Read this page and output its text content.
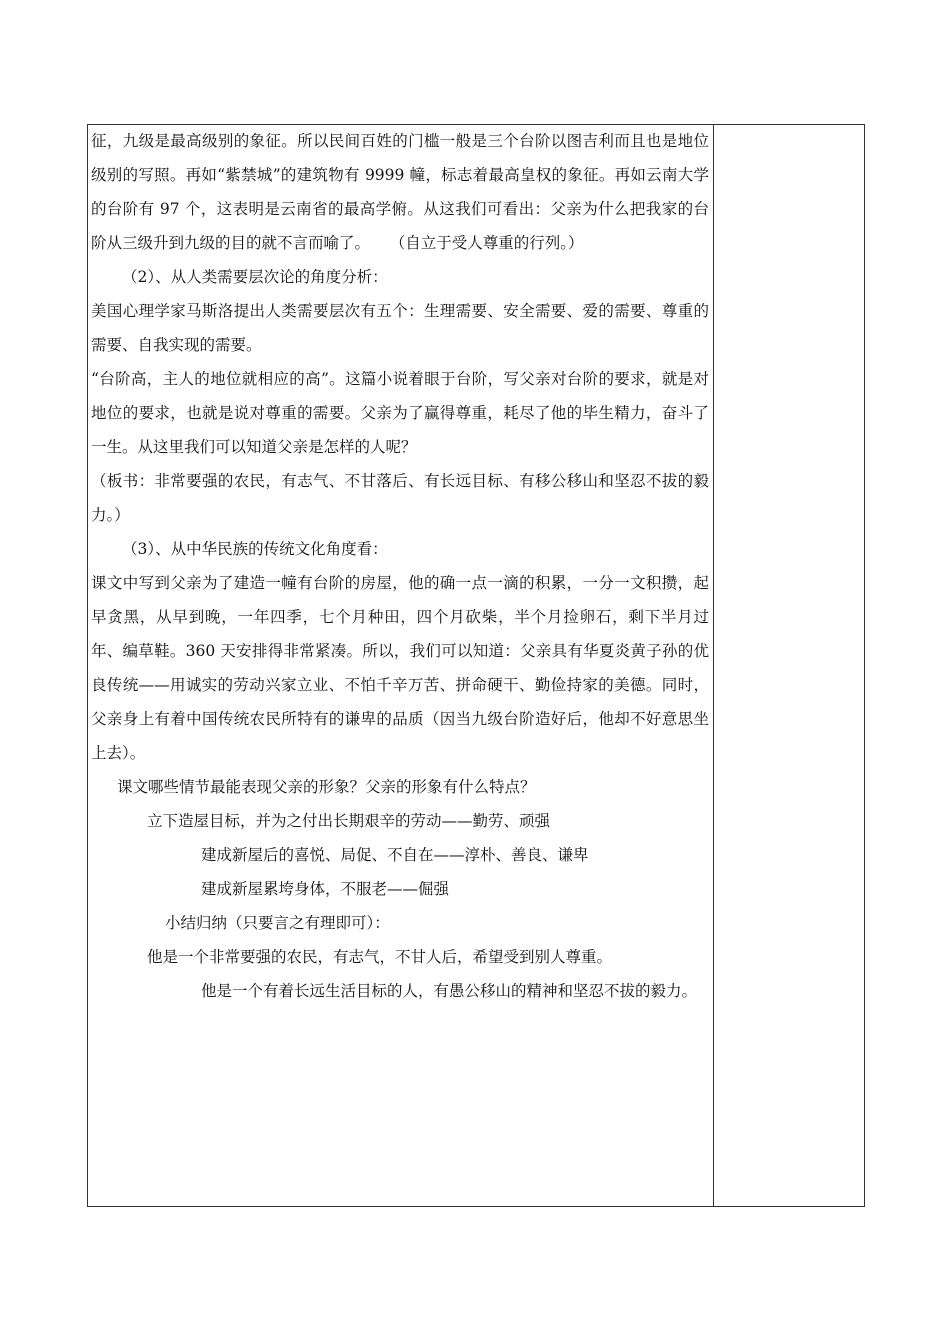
征，九级是最高级别的象征。所以民间百姓的门槛一般是三个台阶以图吉利而且也是地位级别的写照。再如“紫禁城”的建筑物有 9999 幢，标志着最高皇权的象征。再如云南大学的台阶有 97 个，这表明是云南省的最高学俯。从这我们可看出：父亲为什么把我家的台阶从三级升到九级的目的就不言而喻了。    （自立于受人尊重的行列。）

（2）、从人类需要层次论的角度分析：

美国心理学家马斯洛提出人类需要层次有五个：生理需要、安全需要、爱的需要、尊重的需要、自我实现的需要。

“台阶高，主人的地位就相应的高”。这篇小说着眼于台阶，写父亲对台阶的要求，就是对地位的要求，也就是说对尊重的需要。父亲为了赢得尊重，耗尽了他的毕生精力，奋斗了一生。从这里我们可以知道父亲是怎样的人呢？

（板书：非常要强的农民，有志气、不甘落后、有长远目标、有移公移山和坚忍不拔的毅力。）

（3）、从中华民族的传统文化角度看：

课文中写到父亲为了建造一幢有台阶的房屋，他的确一点一滴的积累，一分一文积攒，起早贪黑，从早到晚，一年四季，七个月种田，四个月砍柴，半个月捡卵石，剩下半月过年、编草鞋。360 天安排得非常紧凑。所以，我们可以知道：父亲具有华夏炎黄子孙的优良传统——用诚实的劳动兴家立业、不怕千辛万苦、拼命硬干、勤俭持家的美德。同时，父亲身上有着中国传统农民所特有的谦卑的品质（因当九级台阶造好后，他却不好意思坐上去）。

课文哪些情节最能表现父亲的形象？父亲的形象有什么特点？

立下造屋目标，并为之付出长期艰辛的劳动——勤劳、顽强

建成新屋后的喜悦、局促、不自在——淳朴、善良、谦卑

建成新屋累垮身体，不服老——倔强

小结归纳（只要言之有理即可）：

他是一个非常要强的农民，有志气，不甘人后，希望受到别人尊重。

他是一个有着长远生活目标的人，有愚公移山的精神和坚忍不拔的毅力。
